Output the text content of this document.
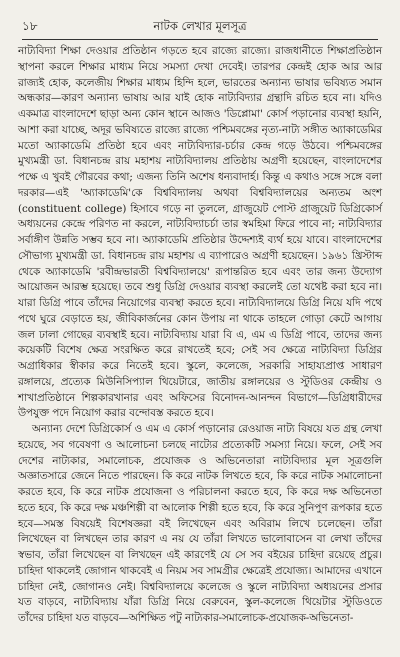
১৮	নাটক লেখার মূলসূত্র

নাট্যবিদ্যা শিক্ষা দেওয়ার প্রতিষ্ঠান গড়তে হবে রাজ্যে রাজ্যে। রাজধানীতে শিক্ষাপ্রতিষ্ঠান স্থাপনা করলে শিক্ষার মাধ্যম নিয়ে সমস্যা দেখা দেবেই। তারপর কেন্দ্রই হোক আর আর রাজ্যই হোক, কলেজীয় শিক্ষার মাধ্যম হিন্দি হলে, ভারতের অন্যান্য ভাষার ভবিষ্যত সমান অন্ধকার—কারণ অন্যান্য ভাষায় আর যাই হোক নাট্যবিদ্যার গ্রন্থাদি রচিত হবে না। যদিও একমাত্র বাংলাদেশে ছাড়া অন্য কোন স্থানে আজও 'ডিপ্লোমা' কোর্স পড়ানোর ব্যবস্থা হয়নি, আশা করা যাচ্ছে, অদূর ভবিষ্যতে রাজ্যে রাজ্যে পশ্চিমবঙ্গের নৃত্য-নাট্য সঙ্গীত অ্যাকাডেমির মতো অ্যাকাডেমি প্রতিষ্ঠা হবে এবং নাট্যবিদ্যার-চর্চার কেন্দ্র গড়ে উঠবে। পশ্চিমবঙ্গের মুখ্যমন্ত্রী ডা. বিধানচন্দ্র রায় মহাশয় নাট্যবিদ্যালয় প্রতিষ্ঠায় অগ্রণী হয়েছেন, বাংলাদেশের পক্ষে এ খুবই গৌরবের কথা; এজন্য তিনি অশেষ ধন্যবাদার্হ। কিন্তু এ কথাও সঙ্গে সঙ্গে বলা দরকার—এই 'অ্যাকাডেমি'কে বিশ্ববিদ্যালয় অথবা বিশ্ববিদ্যালয়ের অন্যতম অংশ (constituent college) হিসাবে গড়ে না তুললে, গ্রাজুয়েট পোস্ট গ্রাজুয়েট ডিগ্রিকোর্স অধ্যয়নের কেন্দ্রে পরিণত না করলে, নাট্যবিদ্যাচর্চা তার স্বমহিমা ফিরে পাবে না; নাট্যবিদ্যার সর্বাঙ্গীণ উন্নতি সম্ভব হবে না। অ্যাকাডেমি প্রতিষ্ঠার উদ্দেশ্যই ব্যর্থ হয়ে যাবে। বাংলাদেশের সৌভাগ্য মুখ্যমন্ত্রী ডা. বিধানচন্দ্র রায় মহাশয় এ ব্যাপারেও অগ্রণী হয়েছেন। ১৯৬১ খ্রিস্টাব্দ থেকে অ্যাকাডেমি 'রবীন্দ্রভারতী বিশ্ববিদ্যালয়ে' রূপান্তরিত হবে এবং তার জন্য উদ্যোগ আয়োজন আরম্ভ হয়েছে। তবে শুধু ডিগ্রি দেওয়ার ব্যবস্থা করলেই তো যথেষ্ট করা হবে না। যারা ডিগ্রি পাবে তাঁদের নিয়োগের ব্যবস্থা করতে হবে। নাট্যবিদ্যালয়ে ডিগ্রি নিয়ে যদি পথে পথে ঘুরে বেড়াতে হয়, জীবিকার্জনের কোন উপায় না থাকে তাহলে গোড়া কেটে আগায় জল ঢালা গোছের ব্যবস্থাই হবে। নাট্যবিদ্যায় যারা বি এ, এম এ ডিগ্রি পাবে, তাদের জন্য কয়েকটি বিশেষ ক্ষেত্র সংরক্ষিত করে রাখতেই হবে; সেই সব ক্ষেত্রে নাট্যবিদ্যা ডিগ্রির অগ্রাধিকার স্বীকার করে নিতেই হবে। স্কুলে, কলেজে, সরকারি সাহায্যপ্রাপ্ত সাধারণ রঙ্গালয়ে, প্রত্যেক মিউনিসিপ্যাল থিয়েটারে, জাতীয় রঙ্গালয়ের ও স্টুডিওর কেন্দ্রীয় ও শাখাপ্রতিষ্ঠানে শিল্পকারখানার এবং অফিসের বিনোদন-আনন্দন বিভাগে—ডিগ্রিধারীদের উপযুক্ত পদে নিয়োগ করার বন্দোবস্ত করতে হবে।

অন্যান্য দেশে ডিগ্রিকোর্স ও এম এ কোর্স পড়ানোর রেওয়াজ নাট্য বিষয়ে যত গ্রন্থ লেখা হয়েছে, সব গবেষণা ও আলোচনা চলছে নাট্যের প্রত্যেকটি সমস্যা নিয়ে। ফলে, সেই সব দেশের নাট্যকার, সমালোচক, প্রযোজক ও অভিনেতারা নাট্যবিদ্যার মূল সূত্রগুলি অজ্ঞাতসারে জেনে নিতে পারছেন। কি করে নাটক লিখতে হবে, কি করে নাটক সমালোচনা করতে হবে, কি করে নাটক প্রযোজনা ও পরিচালনা করতে হবে, কি করে দক্ষ অভিনেতা হতে হবে, কি করে দক্ষ মঞ্চশিল্পী বা আলোক শিল্পী হতে হবে, কি করে সুনিপুণ রূপকার হতে হবে—সমস্ত বিষয়েই বিশেষজ্ঞরা বই লিখেছেন এবং অবিরাম লিখে চলেছেন। তাঁরা লিখেছেন বা লিখছেন তার কারণ এ নয় যে তাঁরা লিখতে ভালোবাসেন বা লেখা তাঁদের স্বভাব, তাঁরা লিখেছেন বা লিখছেন এই কারণেই যে সে সব বইয়ের চাহিদা রয়েছে প্রচুর। চাহিদা থাকলেই জোগান থাকবেই এ নিয়ম সব সামগ্রীর ক্ষেত্রেই প্রযোজ্য। আমাদের এখানে চাহিদা নেই, জোগানও নেই। বিশ্ববিদ্যালয়ে কলেজে ও স্কুলে নাট্যবিদ্যা অধ্যয়নের প্রসার যত বাড়বে, নাট্যবিদ্যায় যাঁরা ডিগ্রি নিয়ে বেরুবেন, স্কুল-কলেজে থিয়েটার স্টুডিওতে তাঁদের চাহিদা যত বাড়বে—অশিক্ষিত পটু নাট্যকার-সমালোচক-প্রযোজক-অভিনেতা-
